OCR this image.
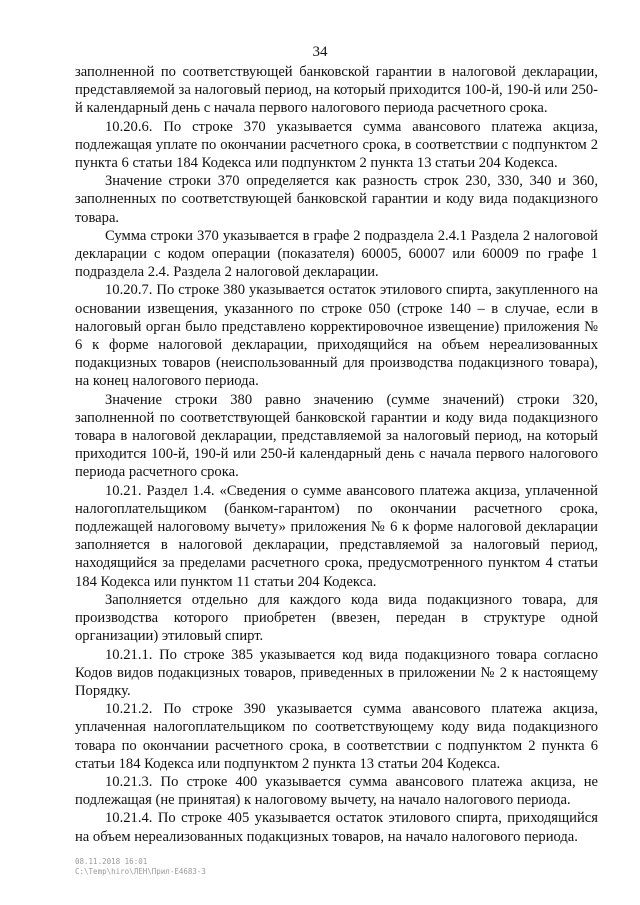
34

заполненной по соответствующей банковской гарантии в налоговой декларации, представляемой за налоговый период, на который приходится 100-й, 190-й или 250-й календарный день с начала первого налогового периода расчетного срока.

10.20.6. По строке 370 указывается сумма авансового платежа акциза, подлежащая уплате по окончании расчетного срока, в соответствии с подпунктом 2 пункта 6 статьи 184 Кодекса или подпунктом 2 пункта 13 статьи 204 Кодекса.

Значение строки 370 определяется как разность строк 230, 330, 340 и 360, заполненных по соответствующей банковской гарантии и коду вида подакцизного товара.

Сумма строки 370 указывается в графе 2 подраздела 2.4.1 Раздела 2 налоговой декларации с кодом операции (показателя) 60005, 60007 или 60009 по графе 1 подраздела 2.4. Раздела 2 налоговой декларации.

10.20.7. По строке 380 указывается остаток этилового спирта, закупленного на основании извещения, указанного по строке 050 (строке 140 – в случае, если в налоговый орган было представлено корректировочное извещение) приложения № 6 к форме налоговой декларации, приходящийся на объем нереализованных подакцизных товаров (неиспользованный для производства подакцизного товара), на конец налогового периода.

Значение строки 380 равно значению (сумме значений) строки 320, заполненной по соответствующей банковской гарантии и коду вида подакцизного товара в налоговой декларации, представляемой за налоговый период, на который приходится 100-й, 190-й или 250-й календарный день с начала первого налогового периода расчетного срока.

10.21. Раздел 1.4. «Сведения о сумме авансового платежа акциза, уплаченной налогоплательщиком (банком-гарантом) по окончании расчетного срока, подлежащей налоговому вычету» приложения № 6 к форме налоговой декларации заполняется в налоговой декларации, представляемой за налоговый период, находящийся за пределами расчетного срока, предусмотренного пунктом 4 статьи 184 Кодекса или пунктом 11 статьи 204 Кодекса.

Заполняется отдельно для каждого кода вида подакцизного товара, для производства которого приобретен (ввезен, передан в структуре одной организации) этиловый спирт.

10.21.1. По строке 385 указывается код вида подакцизного товара согласно Кодов видов подакцизных товаров, приведенных в приложении № 2 к настоящему Порядку.

10.21.2. По строке 390 указывается сумма авансового платежа акциза, уплаченная налогоплательщиком по соответствующему коду вида подакцизного товара по окончании расчетного срока, в соответствии с подпунктом 2 пункта 6 статьи 184 Кодекса или подпунктом 2 пункта 13 статьи 204 Кодекса.

10.21.3. По строке 400 указывается сумма авансового платежа акциза, не подлежащая (не принятая) к налоговому вычету, на начало налогового периода.

10.21.4. По строке 405 указывается остаток этилового спирта, приходящийся на объем нереализованных подакцизных товаров, на начало налогового периода.

08.11.2018 16:01
C:\Temp\hiro\ЛЕН\Прил-Е4683-3
